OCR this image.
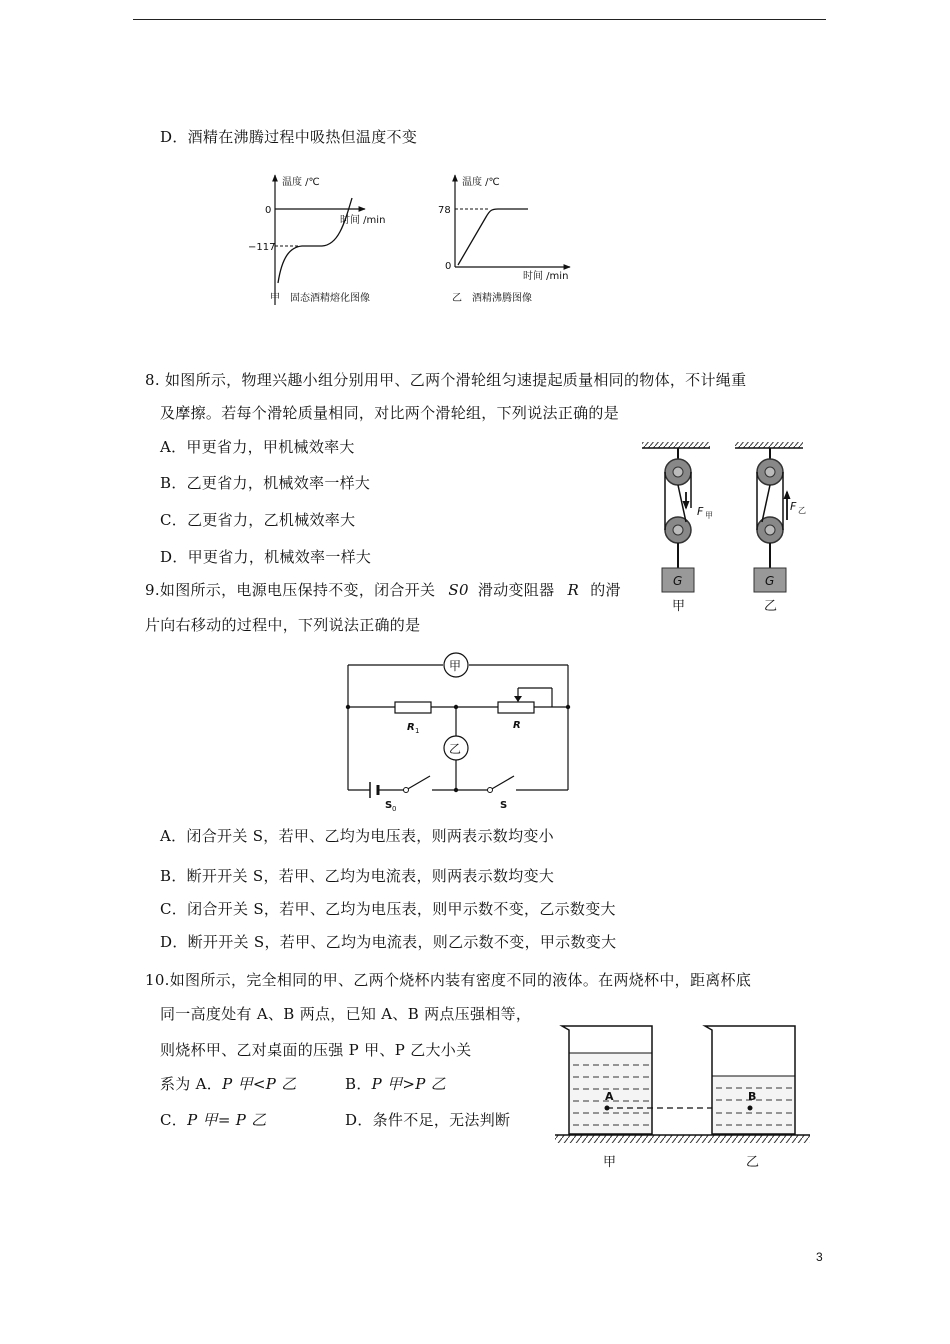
D．酒精在沸腾过程中吸热但温度不变
温度 /℃
时间 /min
0
−117
甲　固态酒精熔化图像
温度 /℃
时间 /min
78
0
乙　酒精沸腾图像
8. 如图所示，物理兴趣小组分别用甲、乙两个滑轮组匀速提起质量相同的物体，不计绳重
及摩擦。若每个滑轮质量相同，对比两个滑轮组，下列说法正确的是
A．甲更省力，甲机械效率大
B．乙更省力，机械效率一样大
C．乙更省力，乙机械效率大
D．甲更省力，机械效率一样大
F 甲
G
甲
F 乙
G
乙
9.如图所示，电源电压保持不变，闭合开关 S0 滑动变阻器 R 的滑
片向右移动的过程中，下列说法正确的是
甲
乙
R 1	R
S 0	S
A．闭合开关 S，若甲、乙均为电压表，则两表示数均变小
B．断开开关 S，若甲、乙均为电流表，则两表示数均变大
C．闭合开关 S，若甲、乙均为电压表，则甲示数不变，乙示数变大
D．断开开关 S，若甲、乙均为电流表，则乙示数不变，甲示数变大
10.如图所示，完全相同的甲、乙两个烧杯内装有密度不同的液体。在两烧杯中，距离杯底
同一高度处有 A、B 两点，已知 A、B 两点压强相等，
则烧杯甲、乙对桌面的压强 P 甲、P 乙大小关
系为 A．P 甲<P 乙	B．P 甲>P 乙
C．P 甲= P 乙	D．条件不足，无法判断
A
甲
B
乙
3
